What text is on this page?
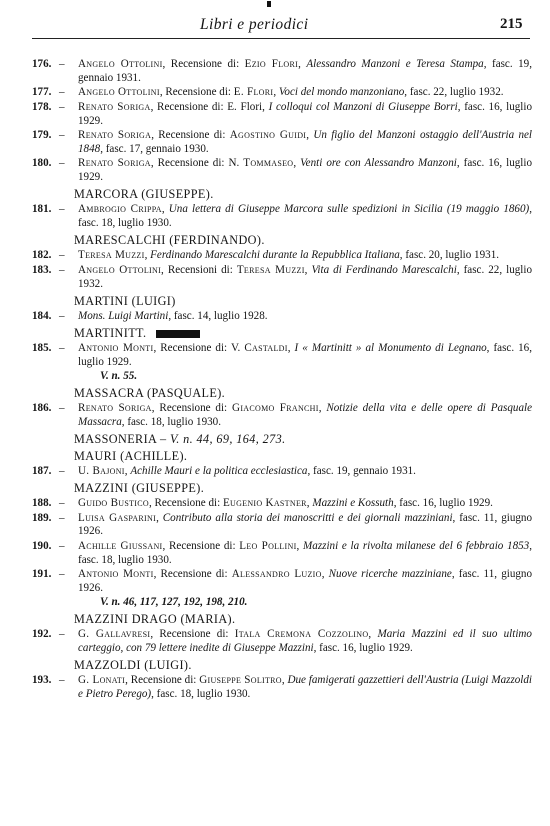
Libri e periodici	215
176. – Angelo Ottolini, Recensione di: Ezio Flori, Alessandro Manzoni e Teresa Stampa, fasc. 19, gennaio 1931.
177. – Angelo Ottolini, Recensione di: E. Flori, Voci del mondo manzoniano, fasc. 22, luglio 1932.
178. – Renato Soriga, Recensione di: E. Flori, I colloqui col Manzoni di Giuseppe Borri, fasc. 16, luglio 1929.
179. – Renato Soriga, Recensione di: Agostino Guidi, Un figlio del Manzoni ostaggio dell'Austria nel 1848, fasc. 17, gennaio 1930.
180. – Renato Soriga, Recensione di: N. Tommaseo, Venti ore con Alessandro Manzoni, fasc. 16, luglio 1929.
MARCORA (GIUSEPPE).
181. – Ambrogio Crippa, Una lettera di Giuseppe Marcora sulle spedizioni in Sicilia (19 maggio 1860), fasc. 18, luglio 1930.
MARESCALCHI (FERDINANDO).
182. – Teresa Muzzi, Ferdinando Marescalchi durante la Repubblica Italiana, fasc. 20, luglio 1931.
183. – Angelo Ottolini, Recensioni di: Teresa Muzzi, Vita di Ferdinando Marescalchi, fasc. 22, luglio 1932.
MARTINI (LUIGI)
184. – Mons. Luigi Martini, fasc. 14, luglio 1928.
MARTINITT.
185. – Antonio Monti, Recensione di: V. Castaldi, I « Martinitt » al Monumento di Legnano, fasc. 16, luglio 1929.
V. n. 55.
MASSACRA (PASQUALE).
186. – Renato Soriga, Recensione di: Giacomo Franchi, Notizie della vita e delle opere di Pasquale Massacra, fasc. 18, luglio 1930.
MASSONERIA – V. n. 44, 69, 164, 273.
MAURI (ACHILLE).
187. – U. Bajoni, Achille Mauri e la politica ecclesiastica, fasc. 19, gennaio 1931.
MAZZINI (GIUSEPPE).
188. – Guido Bustico, Recensione di: Eugenio Kastner, Mazzini e Kossuth, fasc. 16, luglio 1929.
189. – Luisa Gasparini, Contributo alla storia dei manoscritti e dei giornali mazziniani, fasc. 11, giugno 1926.
190. – Achille Giussani, Recensione di: Leo Pollini, Mazzini e la rivolta milanese del 6 febbraio 1853, fasc. 18, luglio 1930.
191. – Antonio Monti, Recensione di: Alessandro Luzio, Nuove ricerche mazziniane, fasc. 11, giugno 1926.
V. n. 46, 117, 127, 192, 198, 210.
MAZZINI DRAGO (MARIA).
192. – G. Gallavresi, Recensione di: Itala Cremona Cozzolino, Maria Mazzini ed il suo ultimo carteggio, con 79 lettere inedite di Giuseppe Mazzini, fasc. 16, luglio 1929.
MAZZOLDI (LUIGI).
193. – G. Lonati, Recensione di: Giuseppe Solitro, Due famigerati gazzettieri dell'Austria (Luigi Mazzoldi e Pietro Perego), fasc. 18, luglio 1930.
